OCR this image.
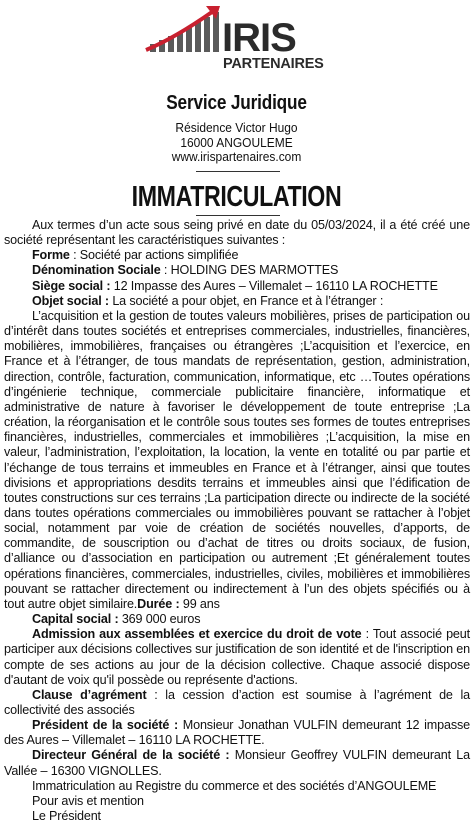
IRIS
PARTENAIRES
Service Juridique
Résidence Victor Hugo
16000 ANGOULEME
www.irispartenaires.com
IMMATRICULATION

Aux termes d’un acte sous seing privé en date du 05/03/2024, il a été créé une société représentant les caractéristiques suivantes :

Forme : Société par actions simplifiée

Dénomination Sociale : HOLDING DES MARMOTTES

Siège social : 12 Impasse des Aures – Villemalet – 16110 LA ROCHETTE

Objet social : La société a pour objet, en France et à l’étranger :

L’acquisition et la gestion de toutes valeurs mobilières, prises de participation ou d’intérêt dans toutes sociétés et entreprises commerciales, industrielles, financières, mobilières, immobilières, françaises ou étrangères ;L’acquisition et l’exercice, en France et à l’étranger, de tous mandats de représentation, gestion, administration, direction, contrôle, facturation, communication, informatique, etc …Toutes opérations d’ingénierie technique, commerciale publicitaire financière, informatique et administrative de nature à favoriser le développement de toute entreprise ;La création, la réorganisation et le contrôle sous toutes ses formes de toutes entreprises financières, industrielles, commerciales et immobilières ;L’acquisition, la mise en valeur, l’administration, l’exploitation, la location, la vente en totalité ou par partie et l’échange de tous terrains et immeubles en France et à l’étranger, ainsi que toutes divisions et appropriations desdits terrains et immeubles ainsi que l’édification de toutes constructions sur ces terrains ;La participation directe ou indirecte de la société dans toutes opérations commerciales ou immobilières pouvant se rattacher à l’objet social, notamment par voie de création de sociétés nouvelles, d’apports, de commandite, de souscription ou d’achat de titres ou droits sociaux, de fusion, d’alliance ou d’association en participation ou autrement ;Et généralement toutes opérations financières, commerciales, industrielles, civiles, mobilières et immobilières pouvant se rattacher directement ou indirectement à l’un des objets spécifiés ou à tout autre objet similaire.Durée : 99 ans

Capital social : 369 000 euros

Admission aux assemblées et exercice du droit de vote : Tout associé peut participer aux décisions collectives sur justification de son identité et de l'inscription en compte de ses actions au jour de la décision collective. Chaque associé dispose d'autant de voix qu'il possède ou représente d'actions.

Clause d’agrément : la cession d’action est soumise à l’agrément de la collectivité des associés

Président de la société : Monsieur Jonathan VULFIN demeurant 12 impasse des Aures – Villemalet – 16110 LA ROCHETTE.

Directeur Général de la société : Monsieur Geoffrey VULFIN demeurant La Vallée – 16300 VIGNOLLES.

Immatriculation au Registre du commerce et des sociétés d’ANGOULEME

Pour avis et mention

Le Président
